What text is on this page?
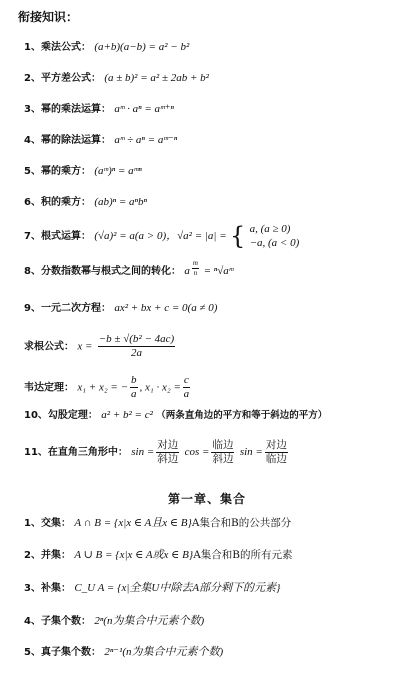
衔接知识：
1、乘法公式： (a+b)(a−b) = a² − b²
2、平方差公式： (a ± b)² = a² ± 2ab + b²
3、幂的乘法运算： aᵐ · aⁿ = aᵐ⁺ⁿ
4、幂的除法运算： aᵐ ÷ aⁿ = aᵐ⁻ⁿ
5、幂的乘方： (aᵐ)ⁿ = aᵐⁿ
6、积的乘方： (ab)ⁿ = aⁿbⁿ
7、根式运算： (√a)² = a(a > 0)，√a² = |a| = { a, (a ≥ 0)
−a, (a < 0)
8、分数指数幂与根式之间的转化： a $\frac{m}{n}$ = ⁿ√aᵐ
9、一元二次方程： ax² + bx + c = 0(a ≠ 0)
求根公式： $x = \frac{\text{−b ± √(b² − 4ac)}}{2a}$
韦达定理： x₁ + x₂ = − $\frac{b}{a}$ , $x_1 \cdot x_2 = \frac{c}{a}$
10、勾股定理： a² + b² = c² （两条直角边的平方和等于斜边的平方）
11、在直角三角形中： $\sin = \frac{\text{对边}}{\text{斜边}}$ $\cos = \frac{\text{临边}}{\text{斜边}}$ $\sin = \frac{\text{对边}}{\text{临边}}$
第一章、集合
1、交集： A ∩ B = {x|x ∈ A且x ∈ B}A集合和B的公共部分
2、并集： A ∪ B = {x|x ∈ A或x ∈ B}A集合和B的所有元素
3、补集： C_U A = {x|全集U中除去A部分剩下的元素}
4、子集个数： 2ⁿ(n为集合中元素个数)
5、真子集个数： 2ⁿ⁻¹(n为集合中元素个数)
